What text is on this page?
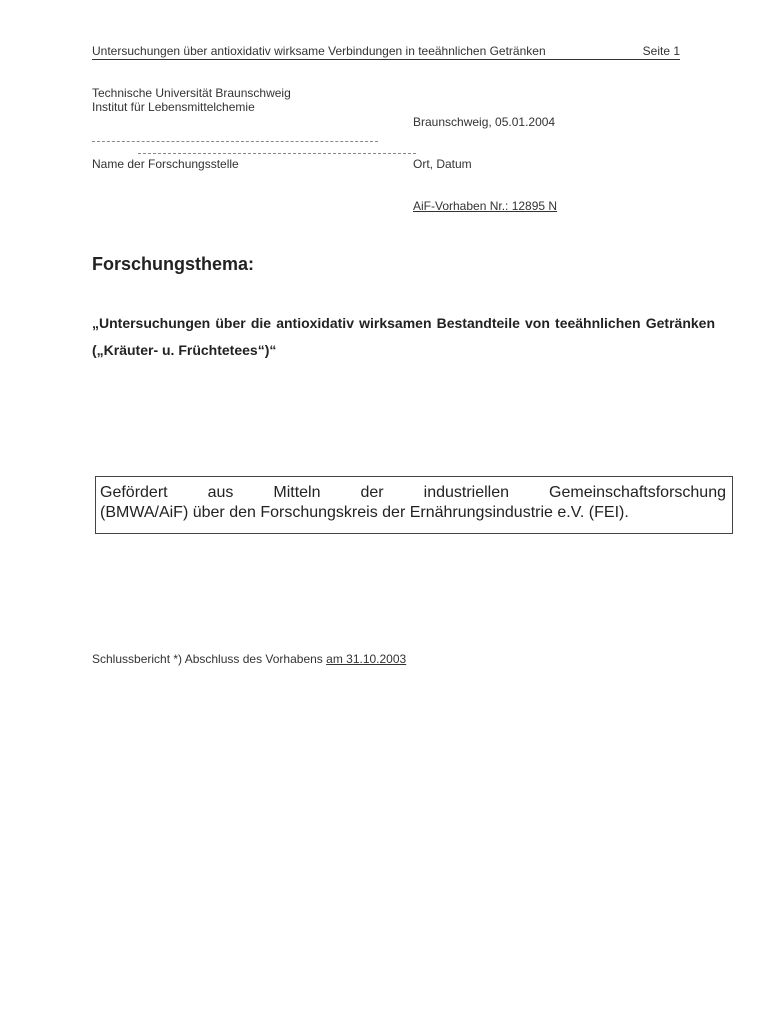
Untersuchungen über antioxidativ wirksame Verbindungen in teeähnlichen Getränken	Seite 1
Technische Universität Braunschweig
Institut für Lebensmittelchemie
Braunschweig, 05.01.2004
Name der Forschungsstelle	Ort, Datum
AiF-Vorhaben Nr.: 12895 N
Forschungsthema:
„Untersuchungen über die antioxidativ wirksamen Bestandteile von teeähnlichen Getränken („Kräuter- u. Früchtetees“)“
Gefördert aus Mitteln der industriellen Gemeinschaftsforschung
(BMWA/AiF) über den Forschungskreis der Ernährungsindustrie e.V. (FEI).
Schlussbericht *) Abschluss des Vorhabens am 31.10.2003
